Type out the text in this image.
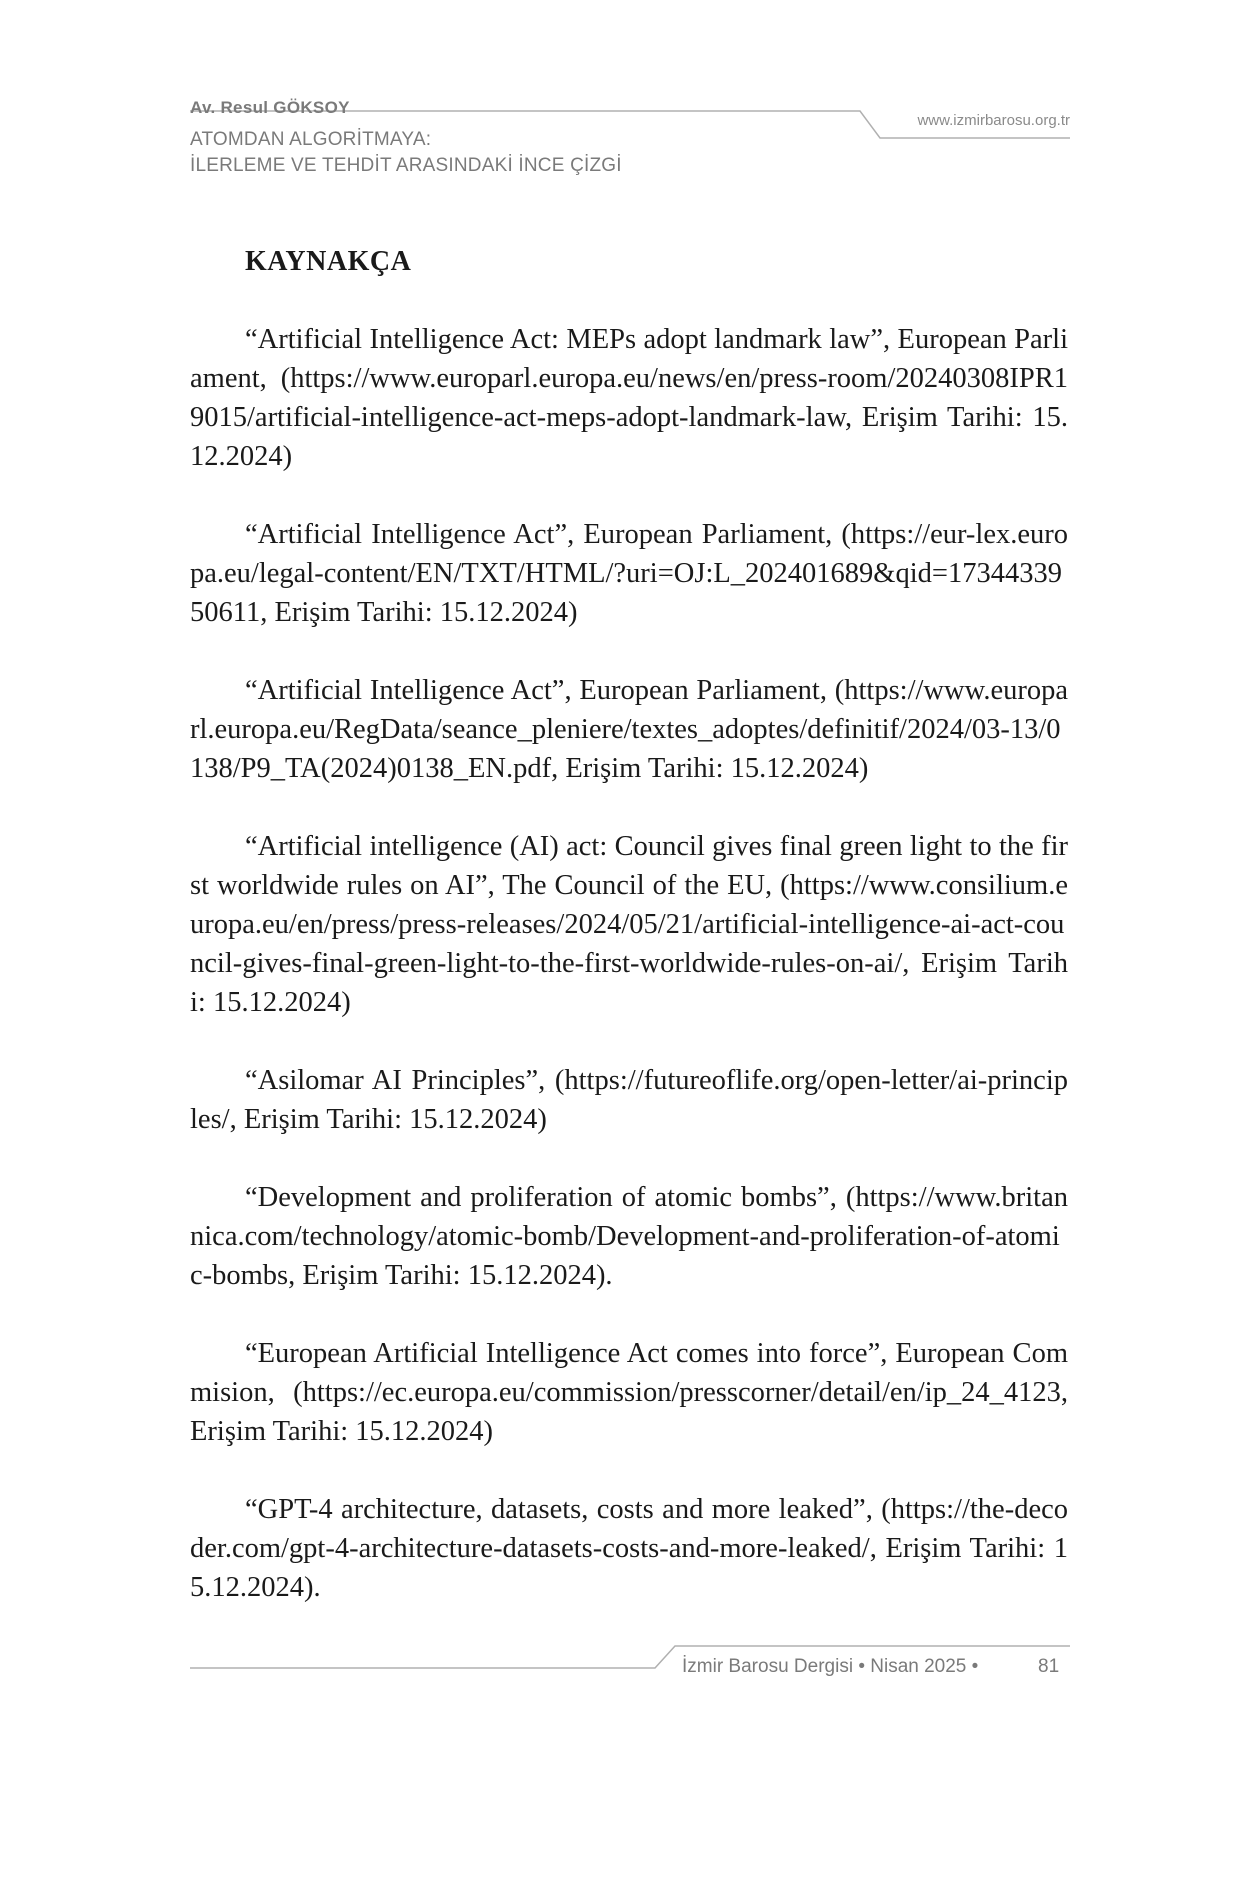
Av. Resul GÖKSOY
ATOMDAN ALGORİTMAYA:
İLERLEME VE TEHDİT ARASINDAKİ İNCE ÇİZGİ
www.izmirbarosu.org.tr
KAYNAKÇA
“Artificial Intelligence Act: MEPs adopt landmark law”, European Parliament, (https://www.europarl.europa.eu/news/en/press-room/20240308IPR19015/artificial-intelligence-act-meps-adopt-landmark-law, Erişim Tarihi: 15.12.2024)
“Artificial Intelligence Act”, European Parliament, (https://eur-lex.europa.eu/legal-content/EN/TXT/HTML/?uri=OJ:L_202401689&qid=1734433950611, Erişim Tarihi: 15.12.2024)
“Artificial Intelligence Act”, European Parliament, (https://www.europarl.europa.eu/RegData/seance_pleniere/textes_adoptes/definitif/2024/03-13/0138/P9_TA(2024)0138_EN.pdf, Erişim Tarihi: 15.12.2024)
“Artificial intelligence (AI) act: Council gives final green light to the first worldwide rules on AI”, The Council of the EU, (https://www.consilium.europa.eu/en/press/press-releases/2024/05/21/artificial-intelligence-ai-act-council-gives-final-green-light-to-the-first-worldwide-rules-on-ai/, Erişim Tarihi: 15.12.2024)
“Asilomar AI Principles”, (https://futureoflife.org/open-letter/ai-principles/, Erişim Tarihi: 15.12.2024)
“Development and proliferation of atomic bombs”, (https://www.britannica.com/technology/atomic-bomb/Development-and-proliferation-of-atomic-bombs, Erişim Tarihi: 15.12.2024).
“European Artificial Intelligence Act comes into force”, European Commision, (https://ec.europa.eu/commission/presscorner/detail/en/ip_24_4123, Erişim Tarihi: 15.12.2024)
“GPT-4 architecture, datasets, costs and more leaked”, (https://the-decoder.com/gpt-4-architecture-datasets-costs-and-more-leaked/, Erişim Tarihi: 15.12.2024).
İzmir Barosu Dergisi • Nisan 2025 •	81
